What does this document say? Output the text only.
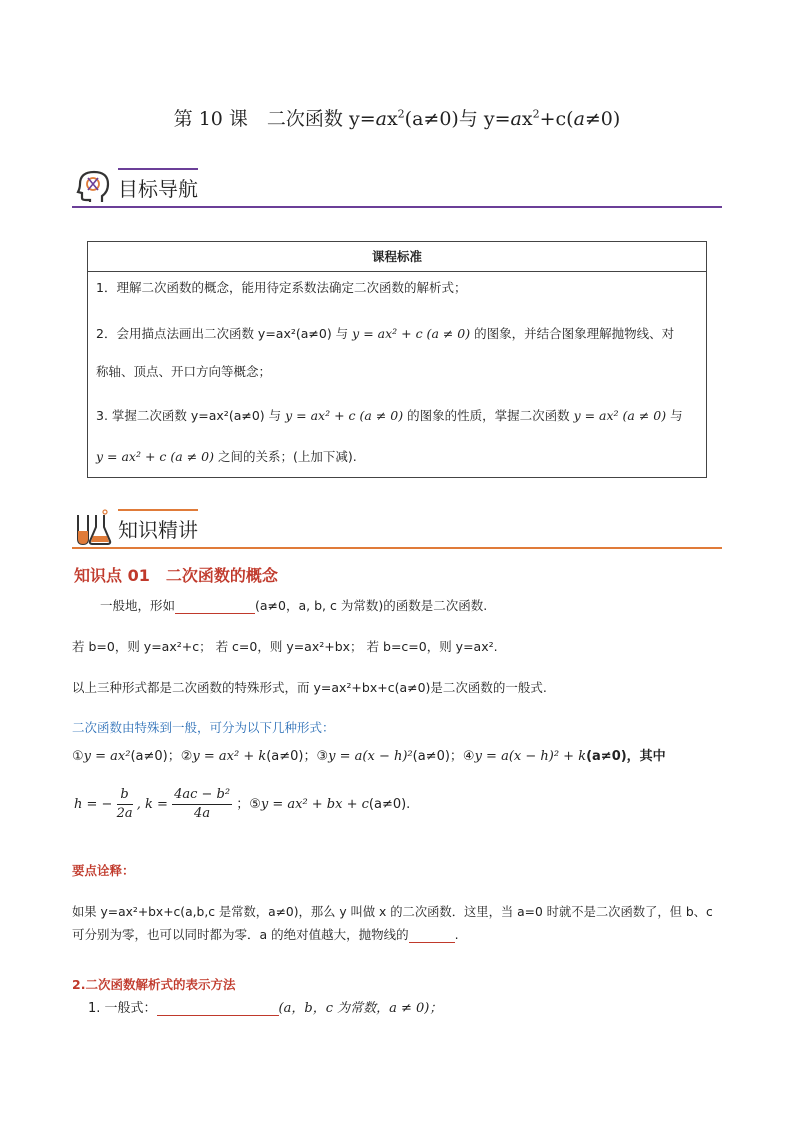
第 10 课　二次函数 $y=ax^2(a\ne 0)$与 $y=ax^2+c(a\ne 0)$
目标导航
课程标准

1．理解二次函数的概念，能用待定系数法确定二次函数的解析式；

2．会用描点法画出二次函数 y=ax²(a≠0) 与 y = ax² + c (a ≠ 0) 的图象，并结合图象理解抛物线、对

称轴、顶点、开口方向等概念；

3. 掌握二次函数 y=ax²(a≠0) 与 y = ax² + c (a ≠ 0) 的图象的性质，掌握二次函数 y = ax² (a ≠ 0) 与

y = ax² + c (a ≠ 0) 之间的关系；(上加下减).

知识精讲
知识点 01　二次函数的概念
一般地，形如	(a≠0，a, b, c 为常数)的函数是二次函数.
若 b=0，则 y=ax²+c； 若 c=0，则 y=ax²+bx； 若 b=c=0，则 y=ax².
以上三种形式都是二次函数的特殊形式，而 y=ax²+bx+c(a≠0)是二次函数的一般式.
二次函数由特殊到一般，可分为以下几种形式：
①y = ax²(a≠0)；②y = ax² + k(a≠0)；③y = a(x − h)²(a≠0)；④y = a(x − h)² + k(a≠0)，其中
h = − $\frac{b}{2a}$ , $k = \frac{\text{4ac − b²}}{4a}$ ；⑤y = ax² + bx + c(a≠0).
要点诠释：
如果 y=ax²+bx+c(a,b,c 是常数，a≠0)，那么 y 叫做 x 的二次函数．这里，当 a=0 时就不是二次函数了，但 b、c
可分别为零，也可以同时都为零．a 的绝对值越大，抛物线的	.
2.二次函数解析式的表示方法
1. 一般式：	(a，b，c 为常数，a ≠ 0)；
